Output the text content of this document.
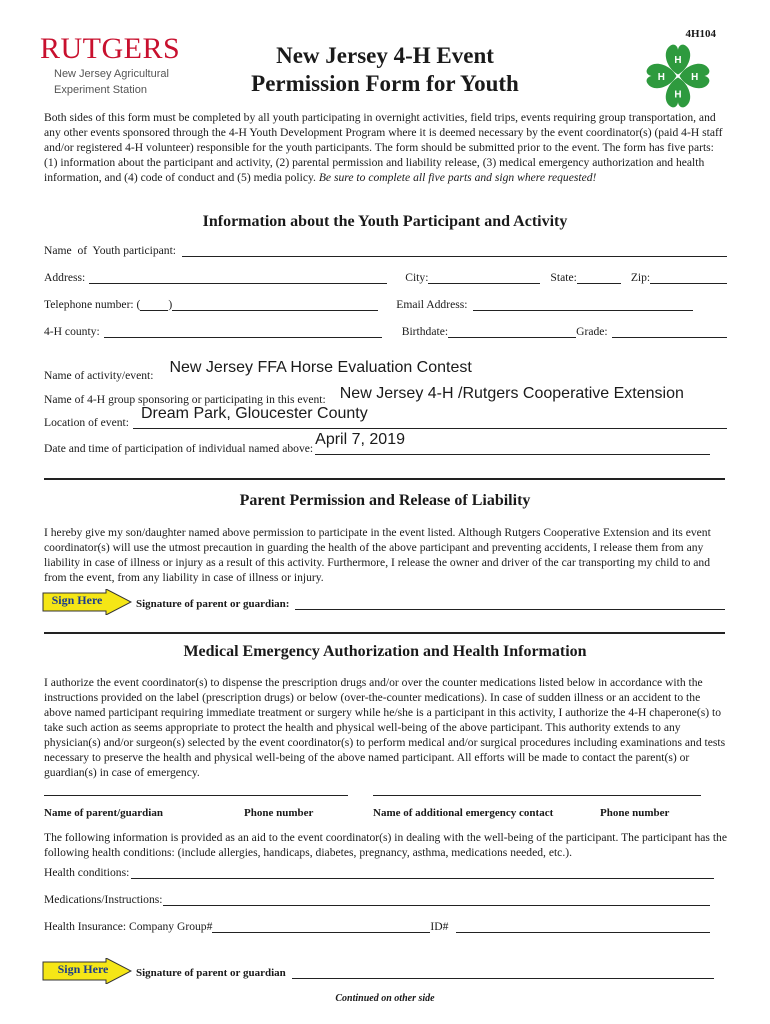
4H104
RUTGERS
New Jersey Agricultural
Experiment Station
New Jersey 4-H Event
Permission Form for Youth
H
H
H
H
Both sides of this form must be completed by all youth participating in overnight activities, field trips, events requiring group transportation, and any other events sponsored through the 4-H Youth Development Program where it is deemed necessary by the event coordinator(s) (paid 4-H staff and/or registered 4-H volunteer) responsible for the youth participants. The form should be submitted prior to the event. The form has five parts: (1) information about the participant and activity, (2) parental permission and liability release, (3) medical emergency authorization and health information, and (4) code of conduct and (5) media policy. Be sure to complete all five parts and sign where requested!
Information about the Youth Participant and Activity
Name  of  Youth participant:
Address:	City:	State:	Zip:
Telephone number: ( )	Email Address:
4-H county:	Birthdate:	Grade:
Name of activity/event: New Jersey FFA Horse Evaluation Contest
Name of 4-H group sponsoring or participating in this event: New Jersey 4-H /Rutgers Cooperative Extension
Location of event:
Dream Park, Gloucester County
Date and time of participation of individual named above:
April 7, 2019
Parent Permission and Release of Liability
I hereby give my son/daughter named above permission to participate in the event listed. Although Rutgers Cooperative Extension and its event coordinator(s) will use the utmost precaution in guarding the health of the above participant and preventing accidents, I release them from any liability in case of illness or injury as a result of this activity. Furthermore, I release the owner and driver of the car transporting my child to and from the event, from any liability in case of illness or injury.
Sign Here	Signature of parent or guardian:
Medical Emergency Authorization and Health Information
I authorize the event coordinator(s) to dispense the prescription drugs and/or over the counter medications listed below in accordance with the instructions provided on the label (prescription drugs) or below (over-the-counter medications). In case of sudden illness or an accident to the above named participant requiring immediate treatment or surgery while he/she is a participant in this activity, I authorize the 4-H chaperone(s) to take such action as seems appropriate to protect the health and physical well-being of the above participant. This authority extends to any physician(s) and/or surgeon(s) selected by the event coordinator(s) to perform medical and/or surgical procedures including examinations and tests necessary to preserve the health and physical well-being of the above named participant. All efforts will be made to contact the parent(s) or guardian(s) in case of emergency.
Name of parent/guardian	Phone number	Name of additional emergency contact	Phone number
The following information is provided as an aid to the event coordinator(s) in dealing with the well-being of the participant. The participant has the following health conditions: (include allergies, handicaps, diabetes, pregnancy, asthma, medications needed, etc.).
Health conditions:
Medications/Instructions:
Health Insurance: Company Group#	ID#
Sign Here	Signature of parent or guardian
Continued on other side
